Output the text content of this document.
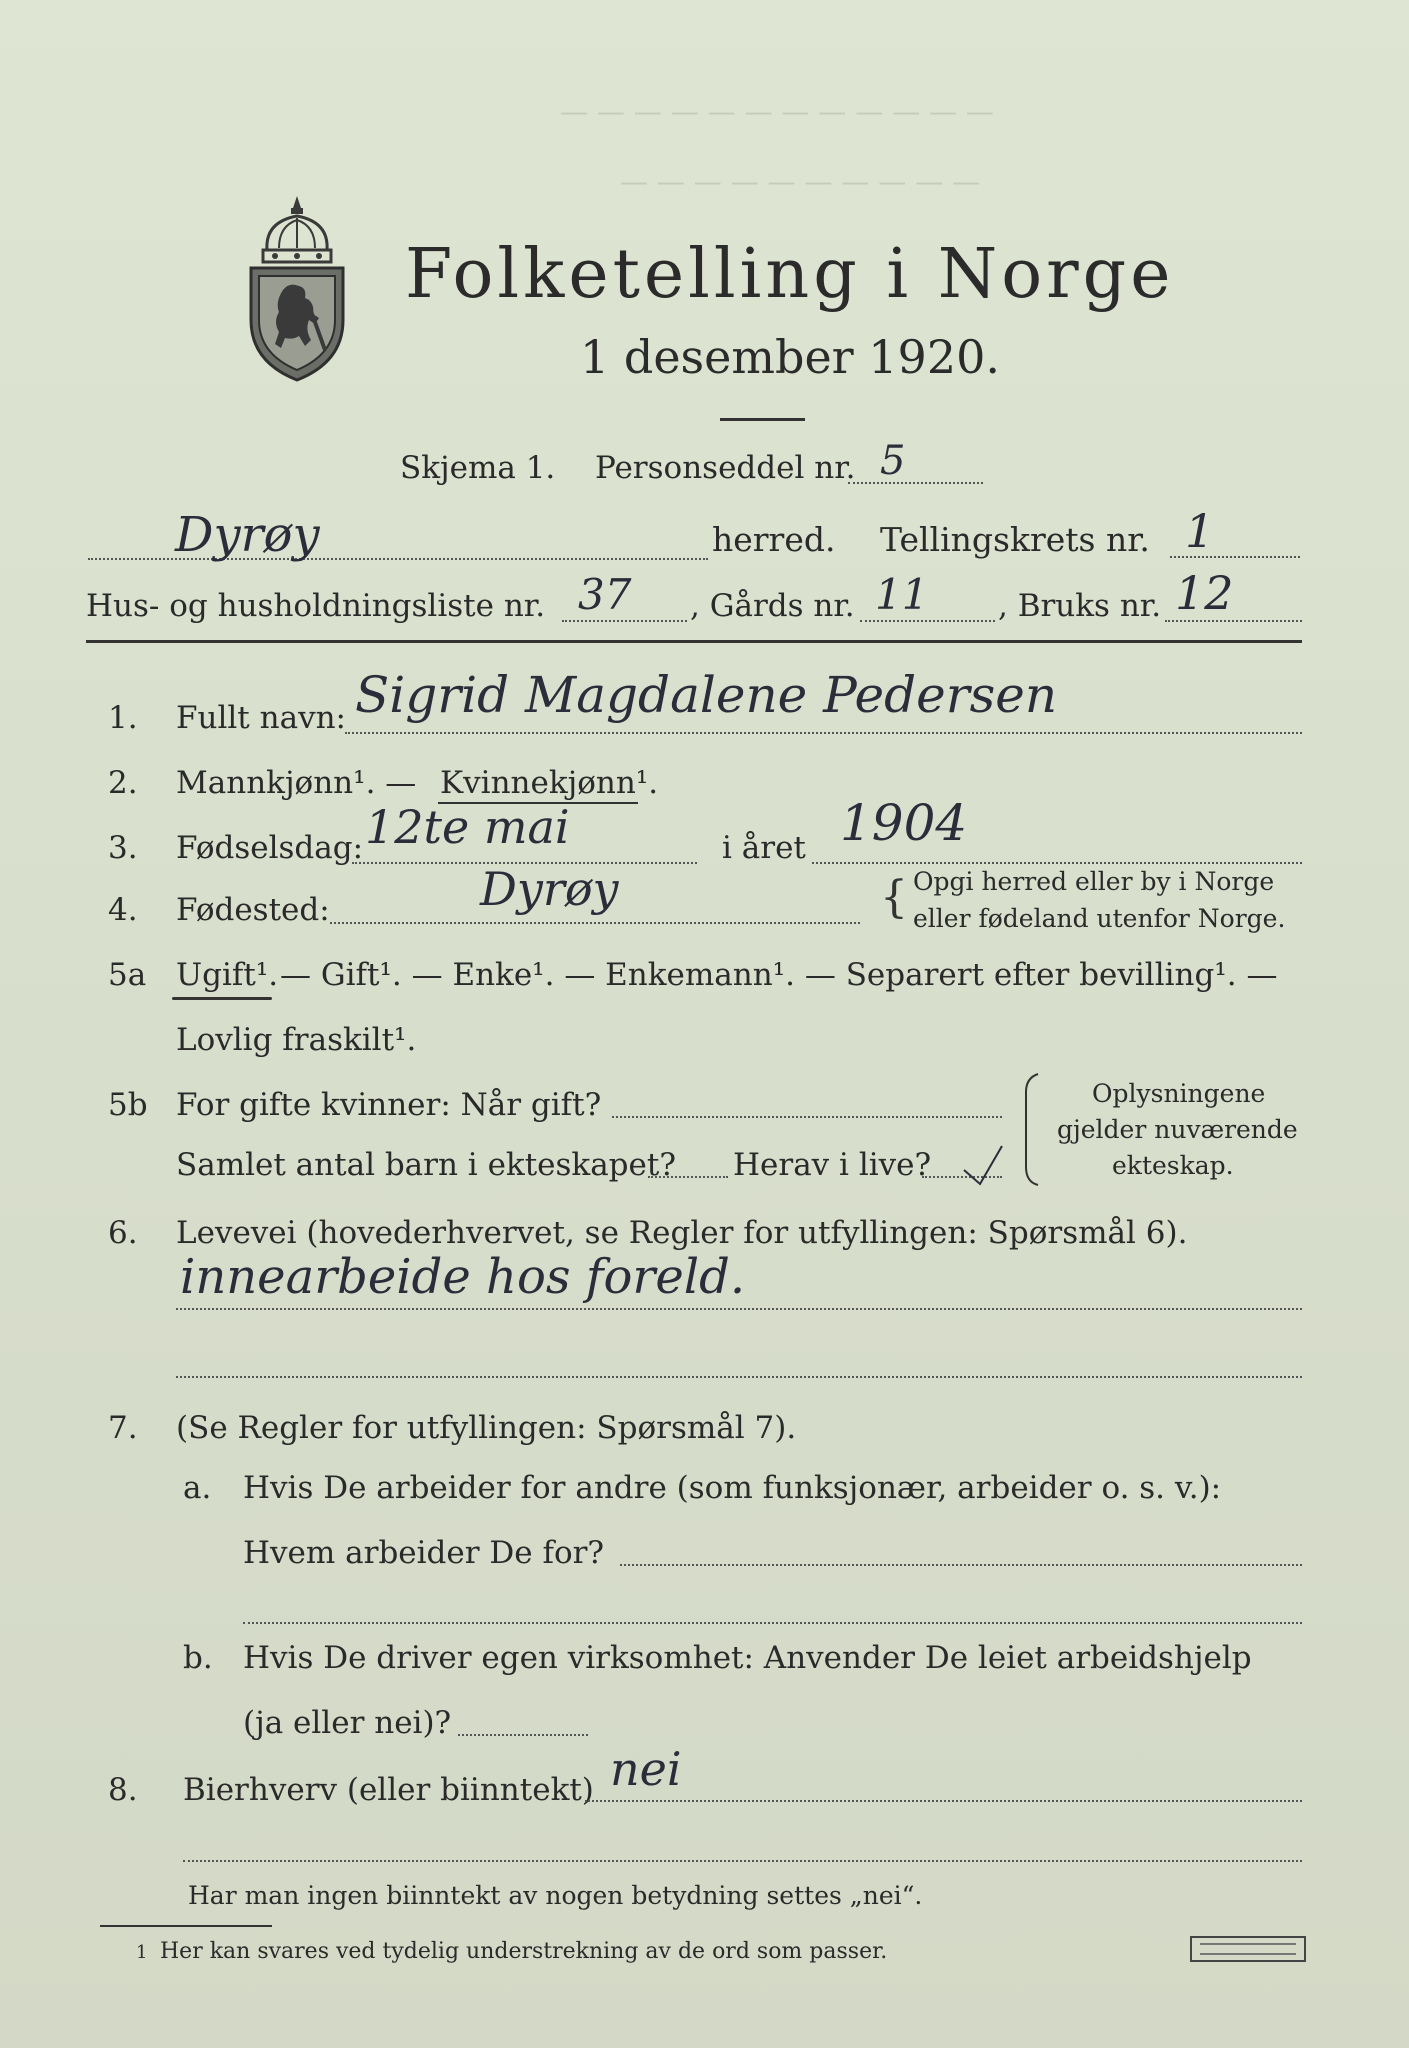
— — — — — — — — — — — —
— — — — — — — — — —
Folketelling i Norge
1 desember 1920.
Skjema 1. Personseddel nr. 5
Dyrøy	herred. Tellingskrets nr. 1
Hus- og husholdningsliste nr. 37 , Gårds nr. 11 , Bruks nr. 12
1. Fullt navn: Sigrid Magdalene Pedersen
2. Mannkjønn¹. — Kvinnekjønn¹.
3. Fødselsdag: 12te mai	i året 1904
4. Fødested:	Dyrøy	{ Opgi herred eller by i Norge
eller fødeland utenfor Norge.
5a Ugift¹. — Gift¹. — Enke¹. — Enkemann¹. — Separert efter bevilling¹. —
Lovlig fraskilt¹.
5b For gifte kvinner: Når gift?
Samlet antal barn i ekteskapet? Herav i live?
Oplysningene
gjelder nuværende
ekteskap.
6. Levevei (hovederhvervet, se Regler for utfyllingen: Spørsmål 6).
innearbeide hos foreld.
7. (Se Regler for utfyllingen: Spørsmål 7).
a. Hvis De arbeider for andre (som funksjonær, arbeider o. s. v.):
Hvem arbeider De for?
b. Hvis De driver egen virksomhet: Anvender De leiet arbeidshjelp
(ja eller nei)?
8. Bierhverv (eller biinntekt) nei
Har man ingen biinntekt av nogen betydning settes „nei“.
1 Her kan svares ved tydelig understrekning av de ord som passer.
